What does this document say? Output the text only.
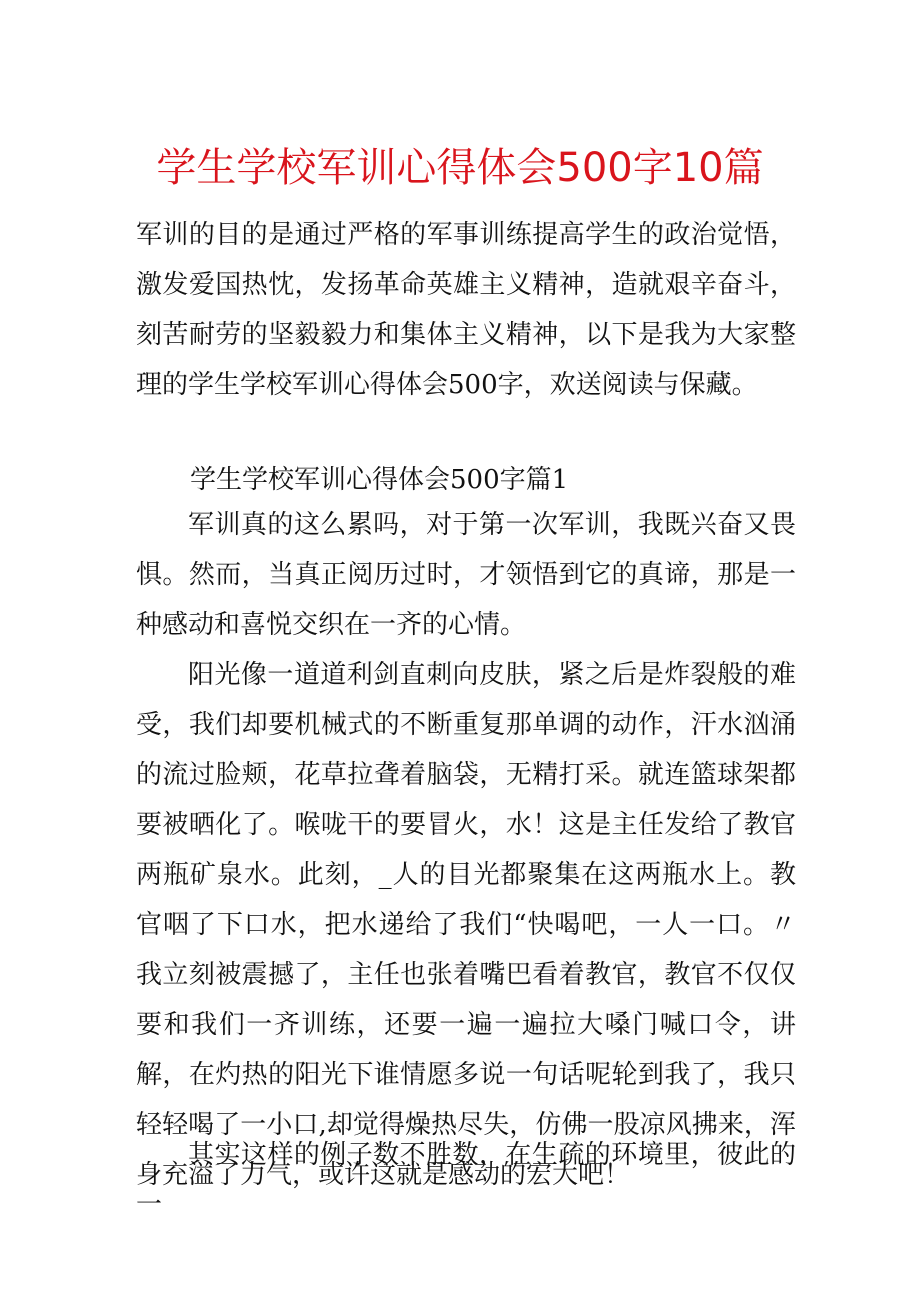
学生学校军训心得体会500字10篇

军训的目的是通过严格的军事训练提高学生的政治觉悟，激发爱国热忱，发扬革命英雄主义精神，造就艰辛奋斗，刻苦耐劳的坚毅毅力和集体主义精神，以下是我为大家整理的学生学校军训心得体会500字，欢送阅读与保藏。

学生学校军训心得体会500字篇1

军训真的这么累吗，对于第一次军训，我既兴奋又畏惧。然而，当真正阅历过时，才领悟到它的真谛，那是一种感动和喜悦交织在一齐的心情。

阳光像一道道利剑直刺向皮肤，紧之后是炸裂般的难受，我们却要机械式的不断重复那单调的动作，汗水汹涌的流过脸颊，花草拉聋着脑袋，无精打采。就连篮球架都要被晒化了。喉咙干的要冒火，水！这是主任发给了教官两瓶矿泉水。此刻，_人的目光都聚集在这两瓶水上。教官咽了下口水，把水递给了我们“快喝吧，一人一口。〃我立刻被震撼了，主任也张着嘴巴看着教官，教官不仅仅要和我们一齐训练，还要一遍一遍拉大嗓门喊口令，讲解，在灼热的阳光下谁情愿多说一句话呢轮到我了，我只轻轻喝了一小口,却觉得燥热尽失，仿佛一股凉风拂来，浑身充溢了力气，或许这就是感动的宏大吧！

其实这样的例子数不胜数，在生疏的环境里，彼此的一
